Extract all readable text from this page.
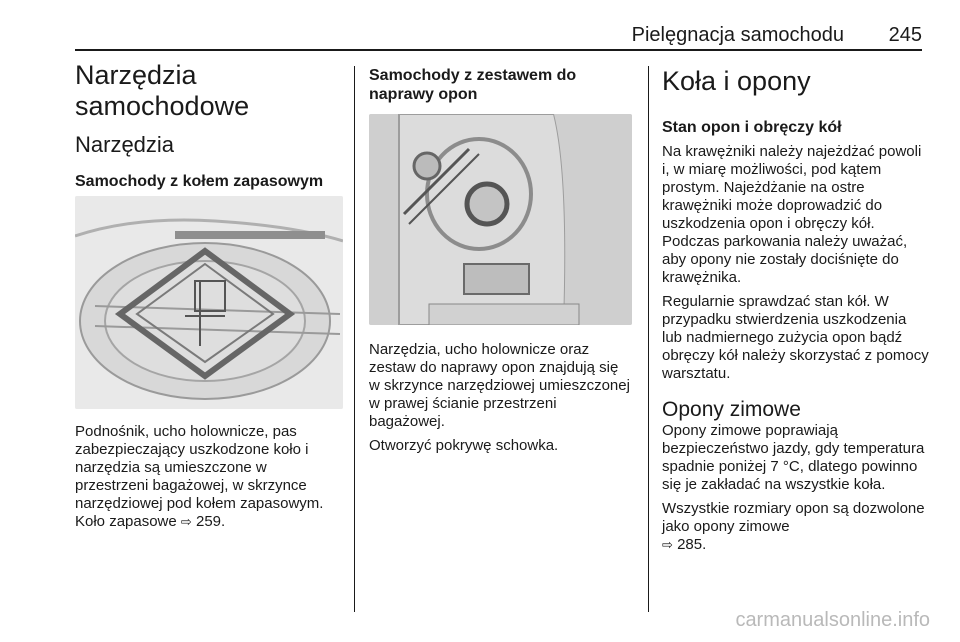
Pielęgnacja samochodu 245
Narzędzia samochodowe
Narzędzia
Samochody z kołem zapasowym

Podnośnik, ucho holownicze, pas zabezpieczający uszkodzone koło i narzędzia są umieszczone w przestrzeni bagażowej, w skrzynce narzędziowej pod kołem zapasowym. Koło zapasowe ⇨ 259.

Samochody z zestawem do naprawy opon

Narzędzia, ucho holownicze oraz zestaw do naprawy opon znajdują się w skrzynce narzędziowej umieszczonej w prawej ścianie przestrzeni bagażowej.

Otworzyć pokrywę schowka.

Koła i opony
Stan opon i obręczy kół

Na krawężniki należy najeżdżać powoli i, w miarę możliwości, pod kątem prostym. Najeżdżanie na ostre krawężniki może doprowadzić do uszkodzenia opon i obręczy kół. Podczas parkowania należy uważać, aby opony nie zostały dociśnięte do krawężnika.

Regularnie sprawdzać stan kół. W przypadku stwierdzenia uszkodzenia lub nadmiernego zużycia opon bądź obręczy kół należy skorzystać z pomocy warsztatu.

Opony zimowe

Opony zimowe poprawiają bezpieczeństwo jazdy, gdy temperatura spadnie poniżej 7 °C, dlatego powinno się je zakładać na wszystkie koła.

Wszystkie rozmiary opon są dozwolone jako opony zimowe
⇨ 285.

carmanualsonline.info
